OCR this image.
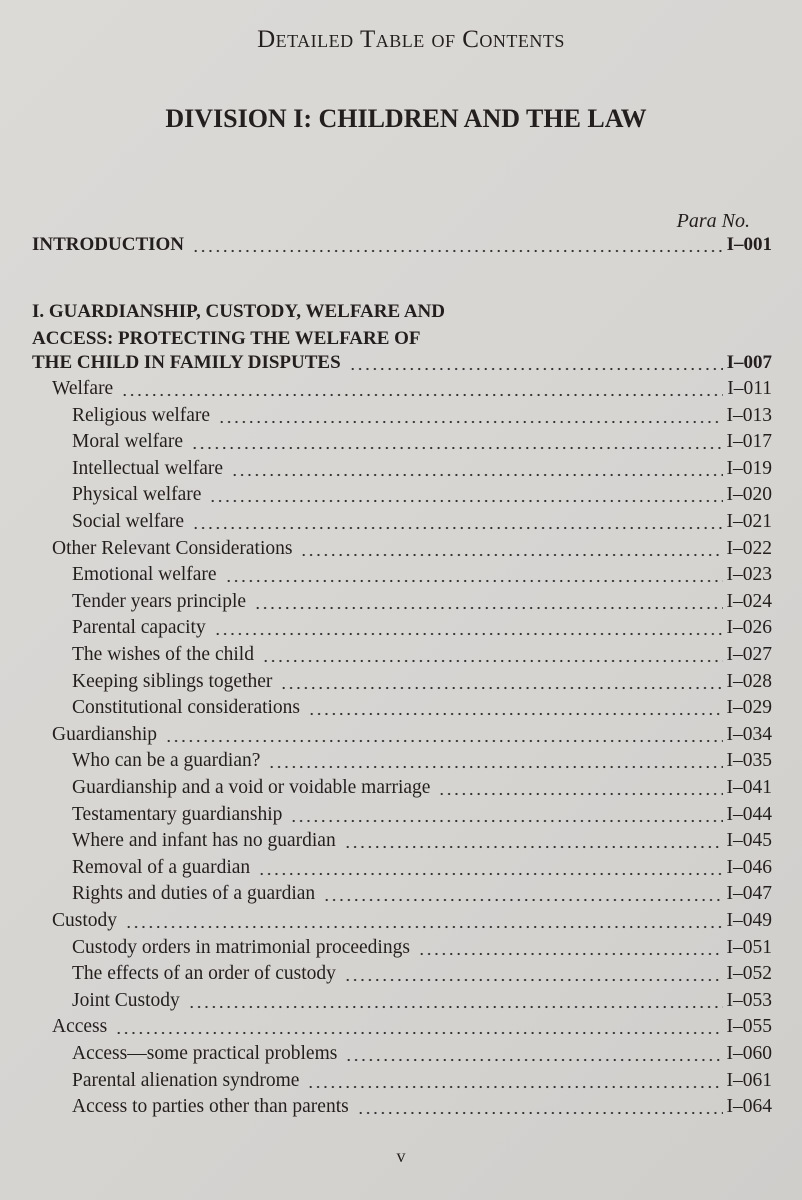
Detailed Table of Contents
DIVISION I: CHILDREN AND THE LAW
Para No.
INTRODUCTION	I–001
I. GUARDIANSHIP, CUSTODY, WELFARE AND
ACCESS: PROTECTING THE WELFARE OF
THE CHILD IN FAMILY DISPUTES	I–007
Welfare	I–011
Religious welfare	I–013
Moral welfare	I–017
Intellectual welfare	I–019
Physical welfare	I–020
Social welfare	I–021
Other Relevant Considerations	I–022
Emotional welfare	I–023
Tender years principle	I–024
Parental capacity	I–026
The wishes of the child	I–027
Keeping siblings together	I–028
Constitutional considerations	I–029
Guardianship	I–034
Who can be a guardian?	I–035
Guardianship and a void or voidable marriage	I–041
Testamentary guardianship	I–044
Where and infant has no guardian	I–045
Removal of a guardian	I–046
Rights and duties of a guardian	I–047
Custody	I–049
Custody orders in matrimonial proceedings	I–051
The effects of an order of custody	I–052
Joint Custody	I–053
Access	I–055
Access—some practical problems	I–060
Parental alienation syndrome	I–061
Access to parties other than parents	I–064
v
